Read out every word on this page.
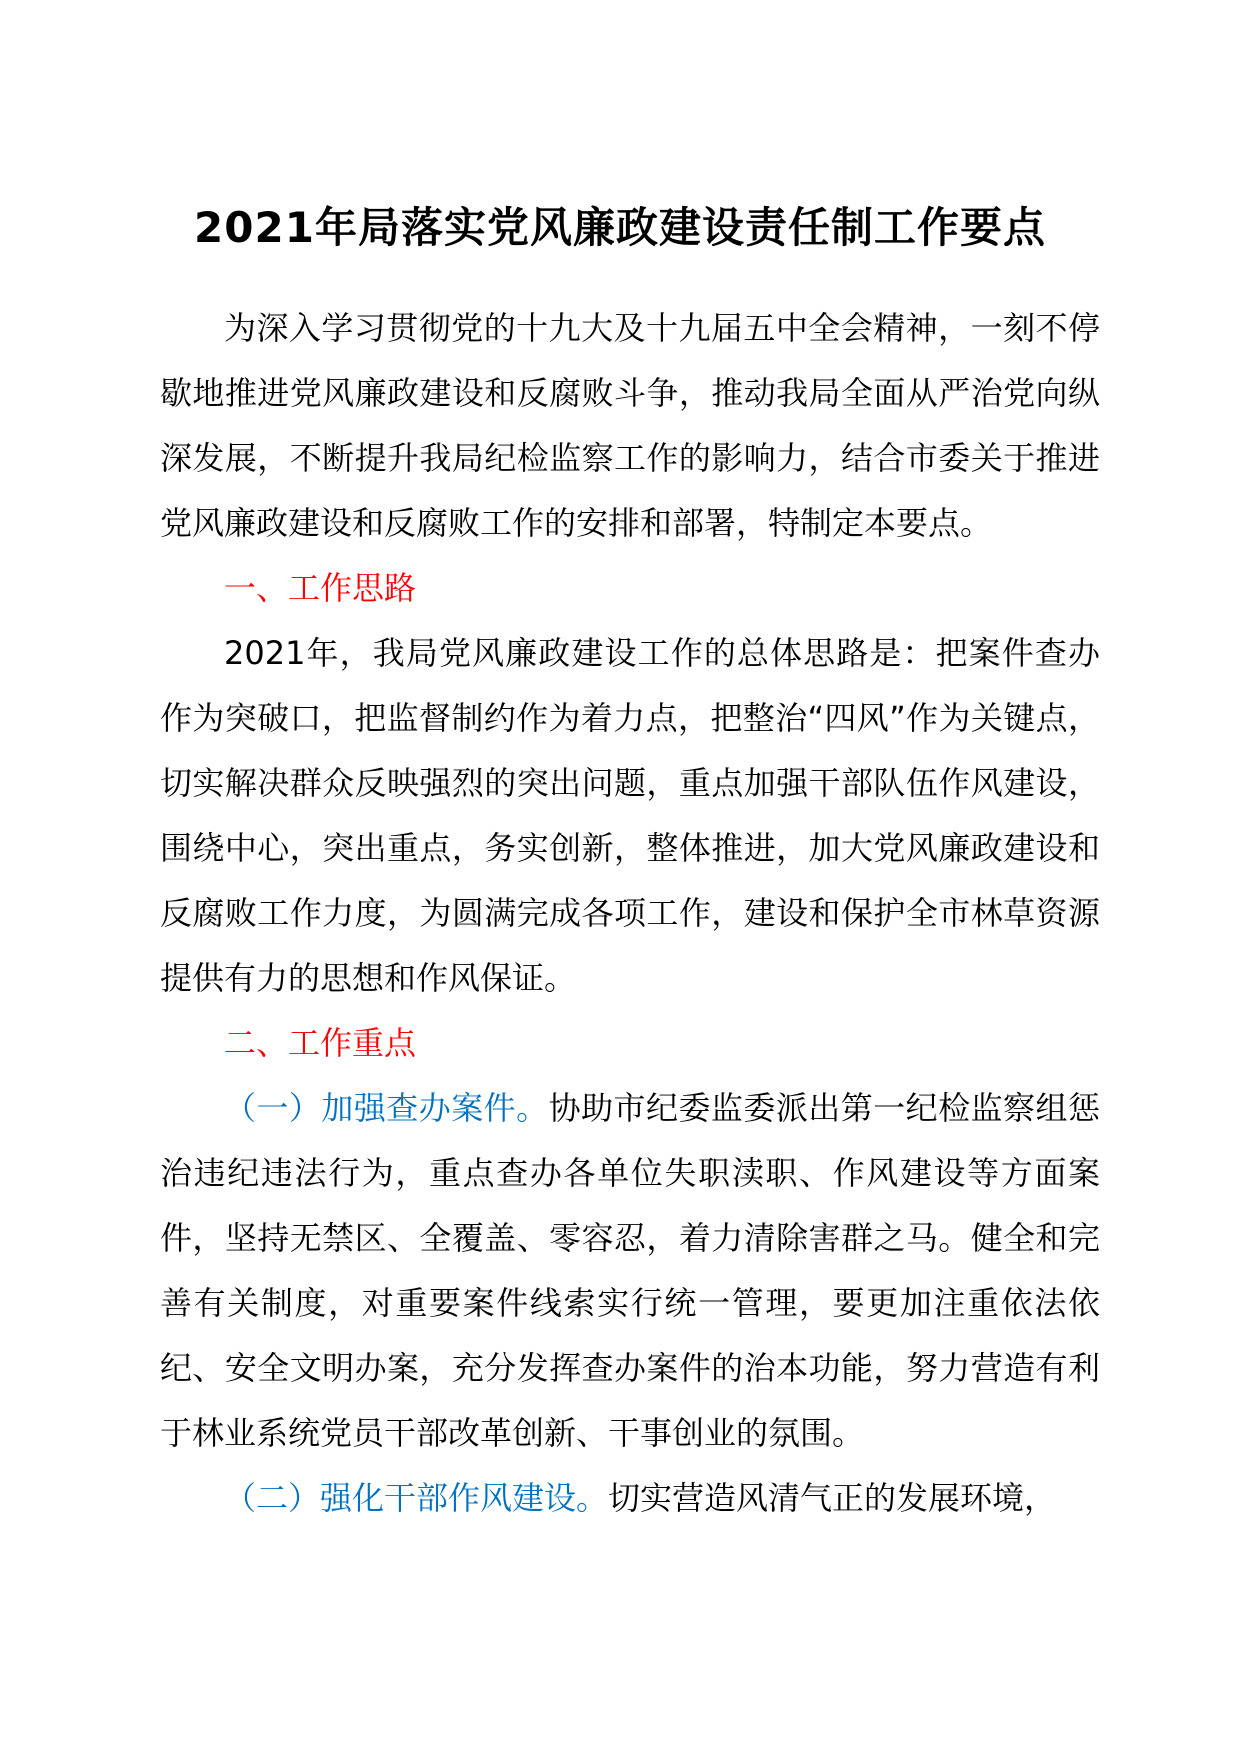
2021年局落实党风廉政建设责任制工作要点

为深入学习贯彻党的十九大及十九届五中全会精神，一刻不停歇地推进党风廉政建设和反腐败斗争，推动我局全面从严治党向纵深发展，不断提升我局纪检监察工作的影响力，结合市委关于推进党风廉政建设和反腐败工作的安排和部署，特制定本要点。

一、工作思路

2021年，我局党风廉政建设工作的总体思路是：把案件查办作为突破口，把监督制约作为着力点，把整治“四风”作为关键点，切实解决群众反映强烈的突出问题，重点加强干部队伍作风建设，围绕中心，突出重点，务实创新，整体推进，加大党风廉政建设和反腐败工作力度，为圆满完成各项工作，建设和保护全市林草资源提供有力的思想和作风保证。

二、工作重点

（一）加强查办案件。协助市纪委监委派出第一纪检监察组惩治违纪违法行为，重点查办各单位失职渎职、作风建设等方面案件，坚持无禁区、全覆盖、零容忍，着力清除害群之马。健全和完善有关制度，对重要案件线索实行统一管理，要更加注重依法依纪、安全文明办案，充分发挥查办案件的治本功能，努力营造有利于林业系统党员干部改革创新、干事创业的氛围。

（二）强化干部作风建设。切实营造风清气正的发展环境，
